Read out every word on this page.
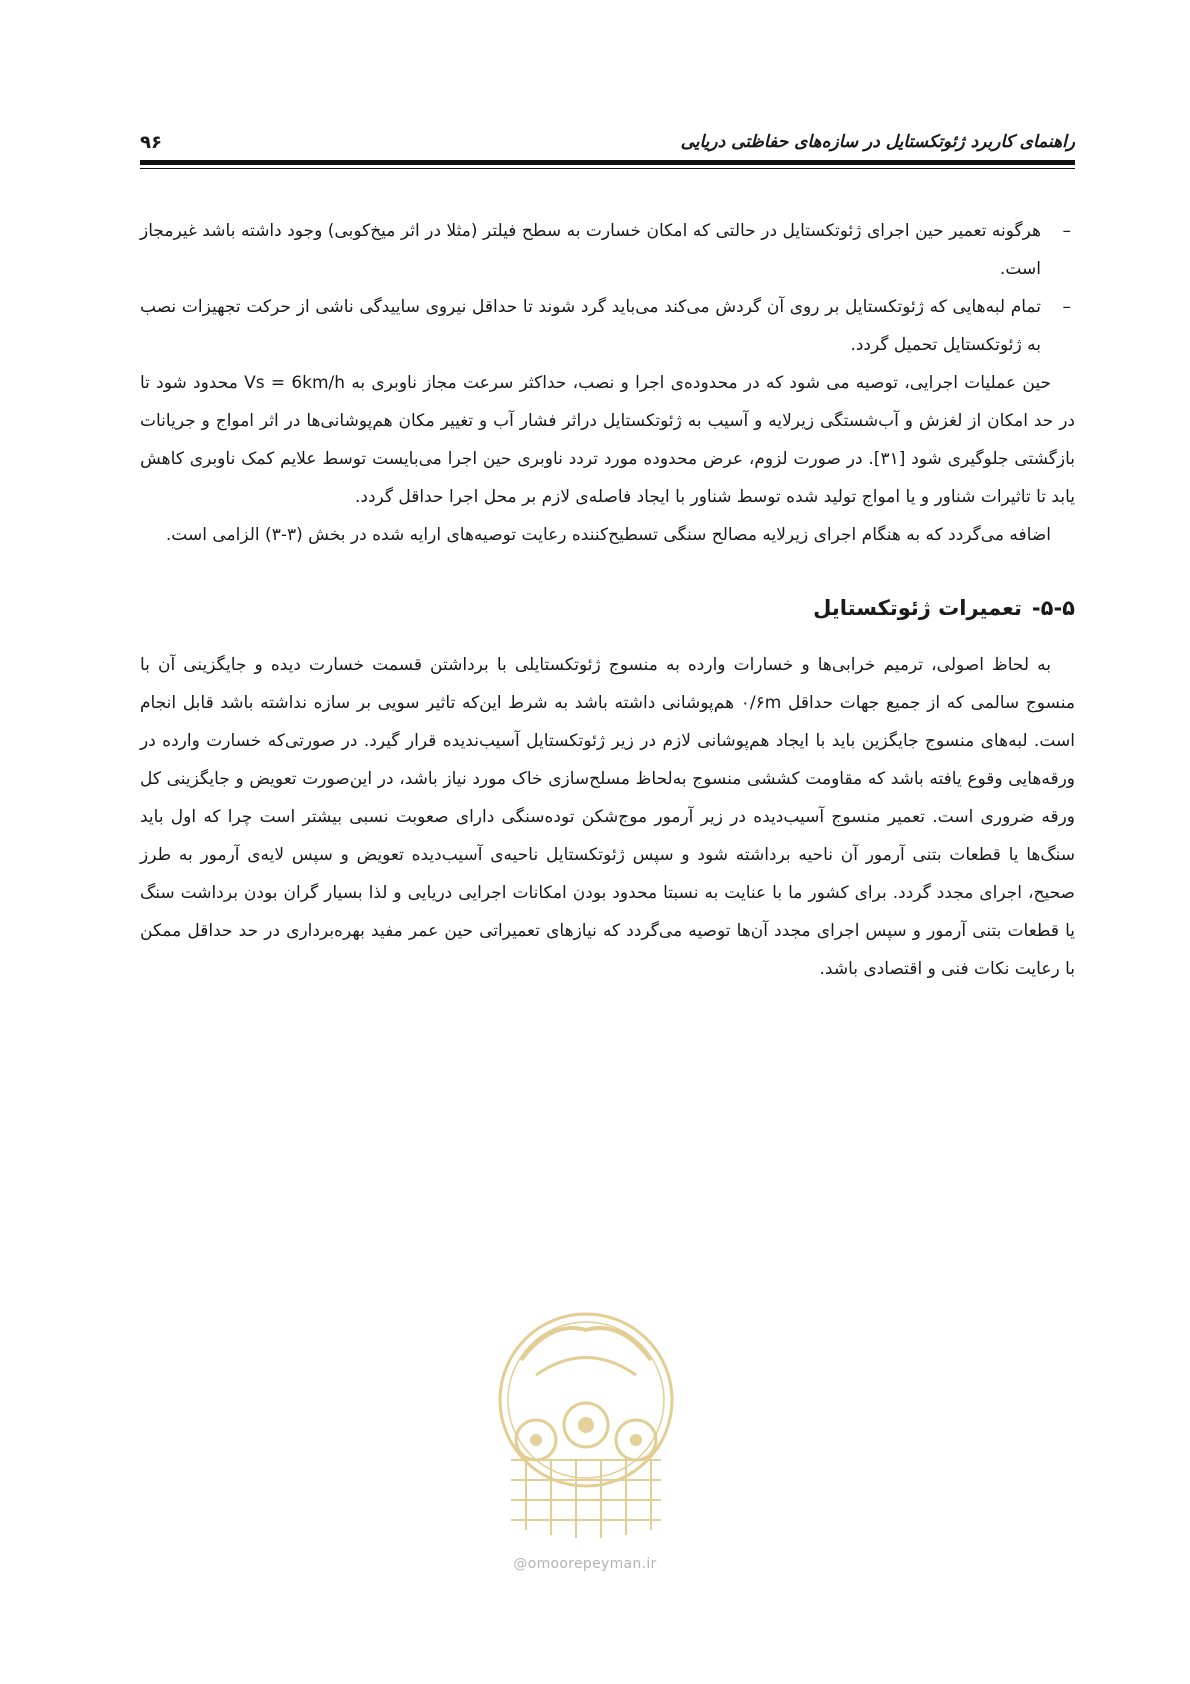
راهنمای کاربرد ژئوتکستایل در سازه‌های حفاظتی دریایی
۹۶
–
هرگونه تعمیر حین اجرای ژئوتکستایل در حالتی که امکان خسارت به سطح فیلتر (مثلا در اثر میخ‌کوبی) وجود داشته باشد غیرمجاز است.
–
تمام لبه‌هایی که ژئوتکستایل بر روی آن گردش می‌کند می‌باید گرد شوند تا حداقل نیروی ساییدگی ناشی از حرکت تجهیزات نصب به ژئوتکستایل تحمیل گردد.

حین عملیات اجرایی، توصیه می شود که در محدوده‌ی اجرا و نصب، حداکثر سرعت مجاز ناوبری به Vs = 6km/h محدود شود تا در حد امکان از لغزش و آب‌شستگی زیرلایه و آسیب به ژئوتکستایل دراثر فشار آب و تغییر مکان هم‌پوشانی‌ها در اثر امواج و جریانات بازگشتی جلوگیری شود [۳۱]. در صورت لزوم، عرض محدوده مورد تردد ناوبری حین اجرا می‌بایست توسط علایم کمک ناوبری کاهش یابد تا تاثیرات شناور و یا امواج تولید شده توسط شناور با ایجاد فاصله‌ی لازم بر محل اجرا حداقل گردد.

اضافه می‌گردد که به هنگام اجرای زیرلایه مصالح سنگی تسطیح‌کننده رعایت توصیه‌های ارایه شده در بخش (۳-۳) الزامی است.

۵-۵-تعمیرات ژئوتکستایل

به لحاظ اصولی، ترمیم خرابی‌ها و خسارات وارده به منسوج ژئوتکستایلی با برداشتن قسمت خسارت دیده و جایگزینی آن با منسوج سالمی که از جمیع جهات حداقل ۰/۶m هم‌پوشانی داشته باشد به شرط این‌که تاثیر سویی بر سازه نداشته باشد قابل انجام است. لبه‌های منسوج جایگزین باید با ایجاد هم‌پوشانی لازم در زیر ژئوتکستایل آسیب‌ندیده قرار گیرد. در صورتی‌که خسارت وارده در ورقه‌هایی وقوع یافته باشد که مقاومت کششی منسوج به‌لحاظ مسلح‌سازی خاک مورد نیاز باشد، در این‌صورت تعویض و جایگزینی کل ورقه ضروری است. تعمیر منسوج آسیب‌دیده در زیر آرمور موج‌شکن توده‌سنگی دارای صعوبت نسبی بیشتر است چرا که اول باید سنگ‌ها یا قطعات بتنی آرمور آن ناحیه برداشته شود و سپس ژئوتکستایل ناحیه‌ی آسیب‌دیده تعویض و سپس لایه‌ی آرمور به طرز صحیح، اجرای مجدد گردد. برای کشور ما با عنایت به نسبتا محدود بودن امکانات اجرایی دریایی و لذا بسیار گران بودن برداشت سنگ یا قطعات بتنی آرمور و سپس اجرای مجدد آن‌ها توصیه می‌گردد که نیازهای تعمیراتی حین عمر مفید بهره‌برداری در حد حداقل ممکن با رعایت نکات فنی و اقتصادی باشد.

@omoorepeyman.ir
